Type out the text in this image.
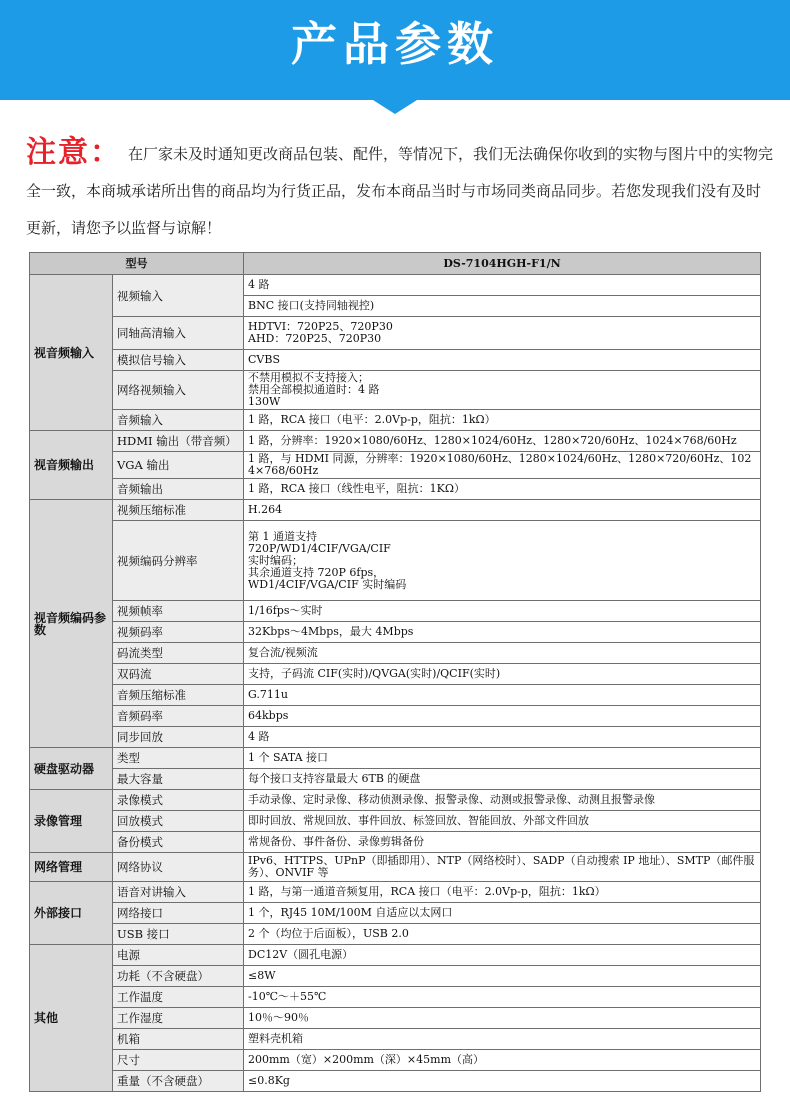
产品参数
注意： 在厂家未及时通知更改商品包装、配件，等情况下，我们无法确保你收到的实物与图片中的实物完全一致，本商城承诺所出售的商品均为行货正品，发布本商品当时与市场同类商品同步。若您发现我们没有及时更新，请您予以监督与谅解！
型号		DS-7104HGH-F1/N
视音频输入	视频输入	4 路
		BNC 接口(支持同轴视控)
	同轴高清输入	HDTVI：720P25、720P30
AHD：720P25、720P30

	模拟信号输入	CVBS
	网络视频输入	不禁用模拟不支持接入；
禁用全部模拟通道时：4 路
130W

	音频输入	1 路，RCA 接口（电平：2.0Vp-p，阻抗：1kΩ）
视音频输出	HDMI 输出（带音频）	1 路，分辨率：1920×1080/60Hz、1280×1024/60Hz、1280×720/60Hz、1024×768/60Hz
	VGA 输出	1 路，与 HDMI 同源，分辨率：1920×1080/60Hz、1280×1024/60Hz、1280×720/60Hz、1024×768/60Hz
	音频输出	1 路，RCA 接口（线性电平，阻抗：1KΩ）
视音频编码参数	视频压缩标准	H.264
	视频编码分辨率	第 1 通道支持
720P/WD1/4CIF/VGA/CIF
实时编码；
其余通道支持 720P 6fps，
WD1/4CIF/VGA/CIF 实时编码

	视频帧率	1/16fps～实时
	视频码率	32Kbps～4Mbps，最大 4Mbps
	码流类型	复合流/视频流
	双码流	支持，子码流 CIF(实时)/QVGA(实时)/QCIF(实时)
	音频压缩标准	G.711u
	音频码率	64kbps
	同步回放	4 路
硬盘驱动器	类型	1 个 SATA 接口
	最大容量	每个接口支持容量最大 6TB 的硬盘
录像管理	录像模式	手动录像、定时录像、移动侦测录像、报警录像、动测或报警录像、动测且报警录像
	回放模式	即时回放、常规回放、事件回放、标签回放、智能回放、外部文件回放
	备份模式	常规备份、事件备份、录像剪辑备份
网络管理	网络协议	IPv6、HTTPS、UPnP（即插即用）、NTP（网络校时）、SADP（自动搜索 IP 地址）、SMTP（邮件服务）、ONVIF 等
外部接口	语音对讲输入	1 路，与第一通道音频复用，RCA 接口（电平：2.0Vp-p，阻抗：1kΩ）
	网络接口	1 个，RJ45 10M/100M 自适应以太网口
	USB 接口	2 个（均位于后面板），USB 2.0
其他	电源	DC12V（圆孔电源）
	功耗（不含硬盘）	≤8W
	工作温度	-10℃～＋55℃
	工作湿度	10％～90％
	机箱	塑料壳机箱
	尺寸	200mm（宽）×200mm（深）×45mm（高）
	重量（不含硬盘）	≤0.8Kg
